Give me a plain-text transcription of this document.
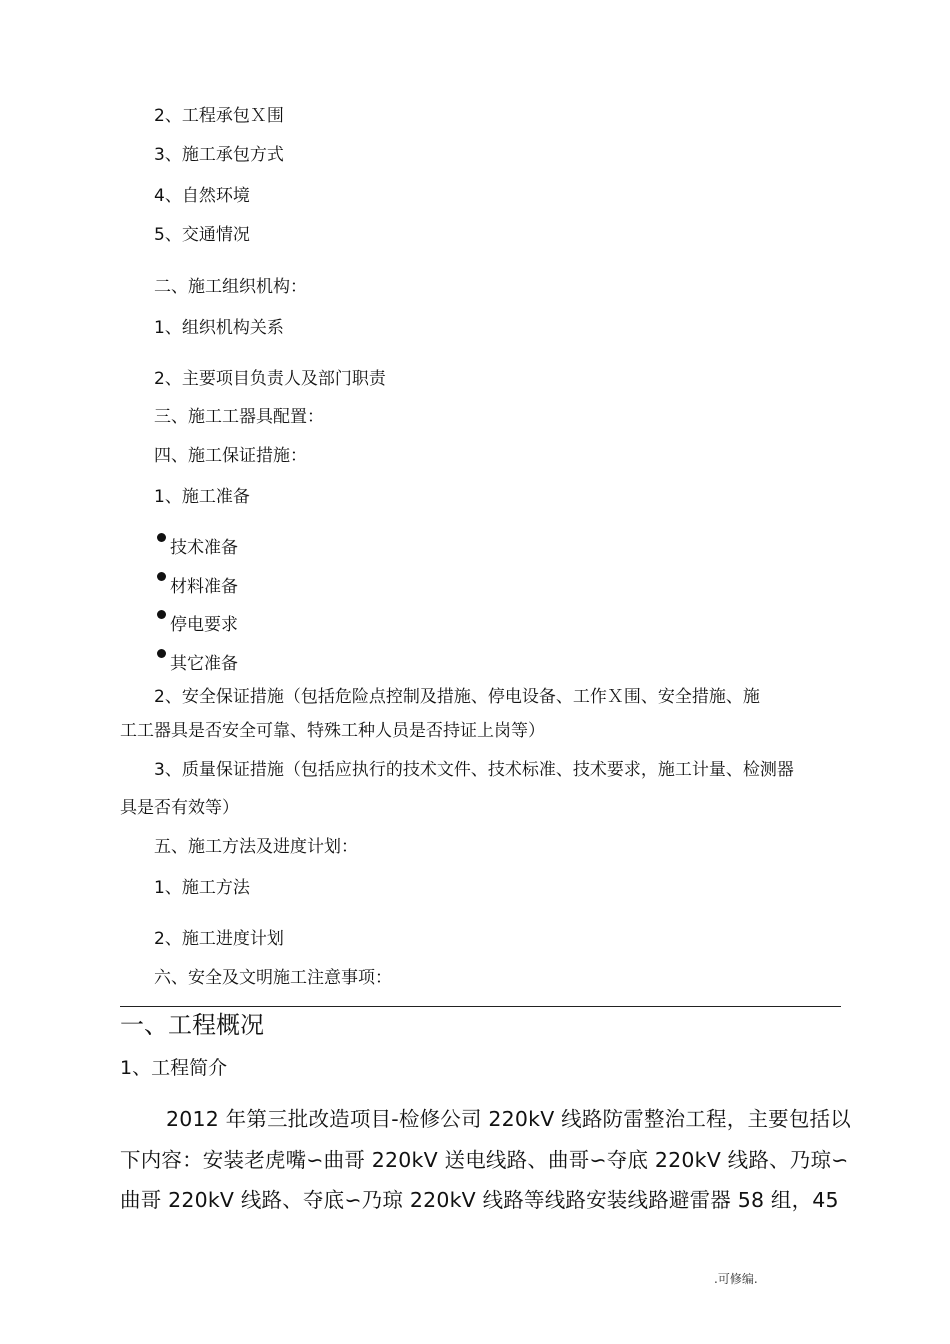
2、工程承包Ｘ围
3、施工承包方式
4、自然环境
5、交通情况
二、施工组织机构：
1、组织机构关系
2、主要项目负责人及部门职责
三、施工工器具配置：
四、施工保证措施：
1、施工准备
技术准备
材料准备
停电要求
其它准备
2、安全保证措施（包括危险点控制及措施、停电设备、工作Ｘ围、安全措施、施
工工器具是否安全可靠、特殊工种人员是否持证上岗等）
3、质量保证措施（包括应执行的技术文件、技术标准、技术要求，施工计量、检测器
具是否有效等）
五、施工方法及进度计划：
1、施工方法
2、施工进度计划
六、安全及文明施工注意事项：
一、工程概况
1、工程简介
2012 年第三批改造项目-检修公司 220kV 线路防雷整治工程，主要包括以
下内容：安装老虎嘴∽曲哥 220kV 送电线路、曲哥∽夺底 220kV 线路、乃琼∽
曲哥 220kV 线路、夺底∽乃琼 220kV 线路等线路安装线路避雷器 58 组，45
.可修编.
